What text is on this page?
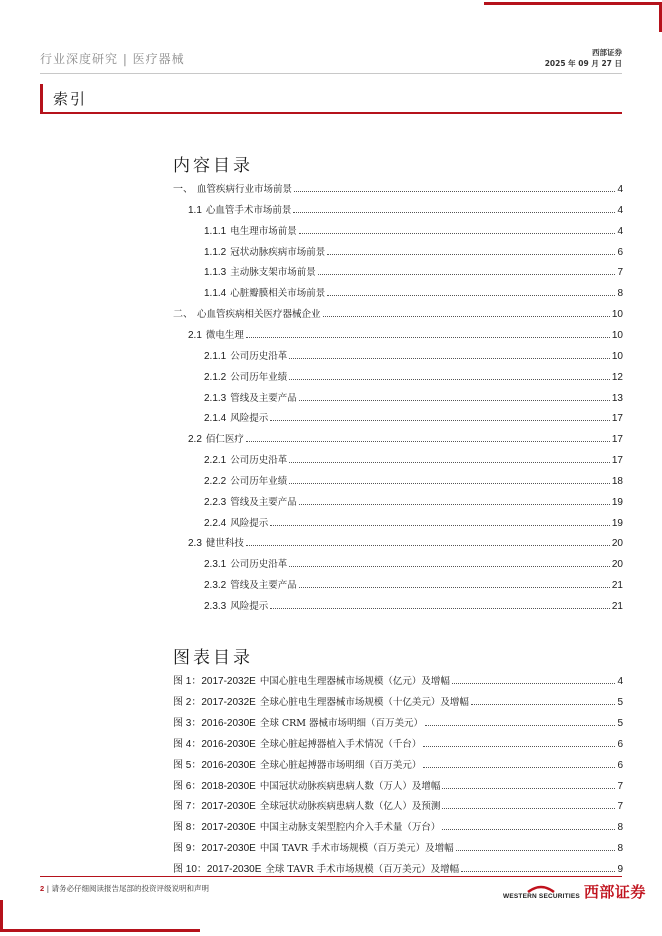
行业深度研究 | 医疗器械	西部证券
2025 年 09 月 27 日
索引
内容目录
一、 血管疾病行业市场前景	4
1.1 心血管手术市场前景	4
1.1.1 电生理市场前景	4
1.1.2 冠状动脉疾病市场前景	6
1.1.3 主动脉支架市场前景	7
1.1.4 心脏瓣膜相关市场前景	8
二、 心血管疾病相关医疗器械企业	10
2.1 微电生理	10
2.1.1 公司历史沿革	10
2.1.2 公司历年业绩	12
2.1.3 管线及主要产品	13
2.1.4 风险提示	17
2.2 佰仁医疗	17
2.2.1 公司历史沿革	17
2.2.2 公司历年业绩	18
2.2.3 管线及主要产品	19
2.2.4 风险提示	19
2.3 健世科技	20
2.3.1 公司历史沿革	20
2.3.2 管线及主要产品	21
2.3.3 风险提示	21
图表目录
图 1：2017-2032E 中国心脏电生理器械市场规模（亿元）及增幅	4
图 2：2017-2032E 全球心脏电生理器械市场规模（十亿美元）及增幅	5
图 3：2016-2030E 全球 CRM 器械市场明细（百万美元）	5
图 4：2016-2030E 全球心脏起搏器植入手术情况（千台）	6
图 5：2016-2030E 全球心脏起搏器市场明细（百万美元）	6
图 6：2018-2030E 中国冠状动脉疾病患病人数（万人）及增幅	7
图 7：2017-2030E 全球冠状动脉疾病患病人数（亿人）及预测	7
图 8：2017-2030E 中国主动脉支架型腔内介入手术量（万台）	8
图 9：2017-2030E 中国 TAVR 手术市场规模（百万美元）及增幅	8
图 10：2017-2030E 全球 TAVR 手术市场规模（百万美元）及增幅	9
2 | 请务必仔细阅读报告尾部的投资评级说明和声明
WESTERN SECURITIES 西部证券
